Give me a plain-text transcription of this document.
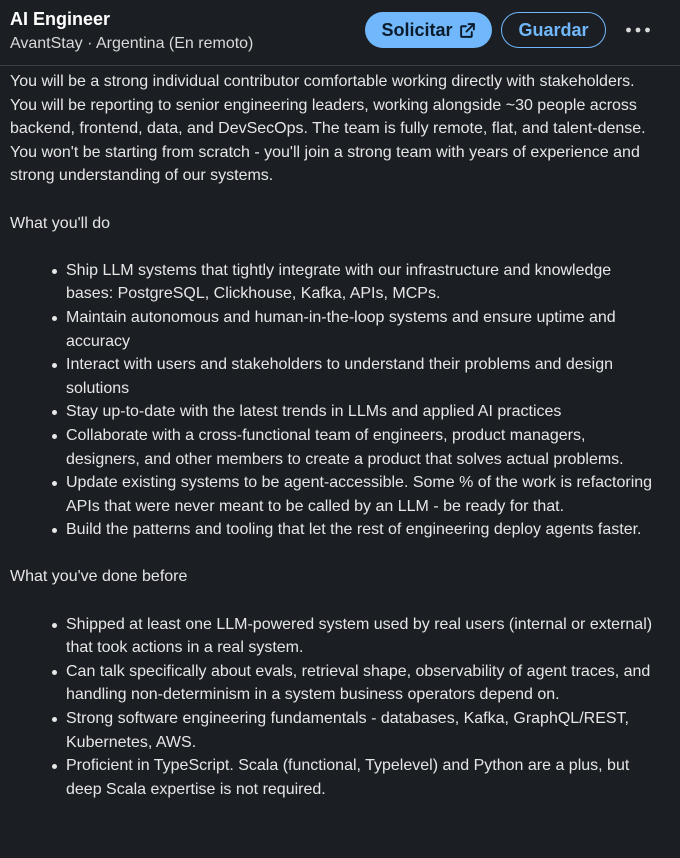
AI Engineer
AvantStay · Argentina (En remoto)
Solicitar	Guardar

You will be a strong individual contributor comfortable working directly with stakeholders. You will be reporting to senior engineering leaders, working alongside ~30 people across backend, frontend, data, and DevSecOps. The team is fully remote, flat, and talent-dense. You won't be starting from scratch - you'll join a strong team with years of experience and strong understanding of our systems.

What you'll do

Ship LLM systems that tightly integrate with our infrastructure and knowledge bases: PostgreSQL, Clickhouse, Kafka, APIs, MCPs.
Maintain autonomous and human-in-the-loop systems and ensure uptime and accuracy
Interact with users and stakeholders to understand their problems and design solutions
Stay up-to-date with the latest trends in LLMs and applied AI practices
Collaborate with a cross-functional team of engineers, product managers, designers, and other members to create a product that solves actual problems.
Update existing systems to be agent-accessible. Some % of the work is refactoring APIs that were never meant to be called by an LLM - be ready for that.
Build the patterns and tooling that let the rest of engineering deploy agents faster.

What you've done before

Shipped at least one LLM-powered system used by real users (internal or external) that took actions in a real system.
Can talk specifically about evals, retrieval shape, observability of agent traces, and handling non-determinism in a system business operators depend on.
Strong software engineering fundamentals - databases, Kafka, GraphQL/REST, Kubernetes, AWS.
Proficient in TypeScript. Scala (functional, Typelevel) and Python are a plus, but deep Scala expertise is not required.
